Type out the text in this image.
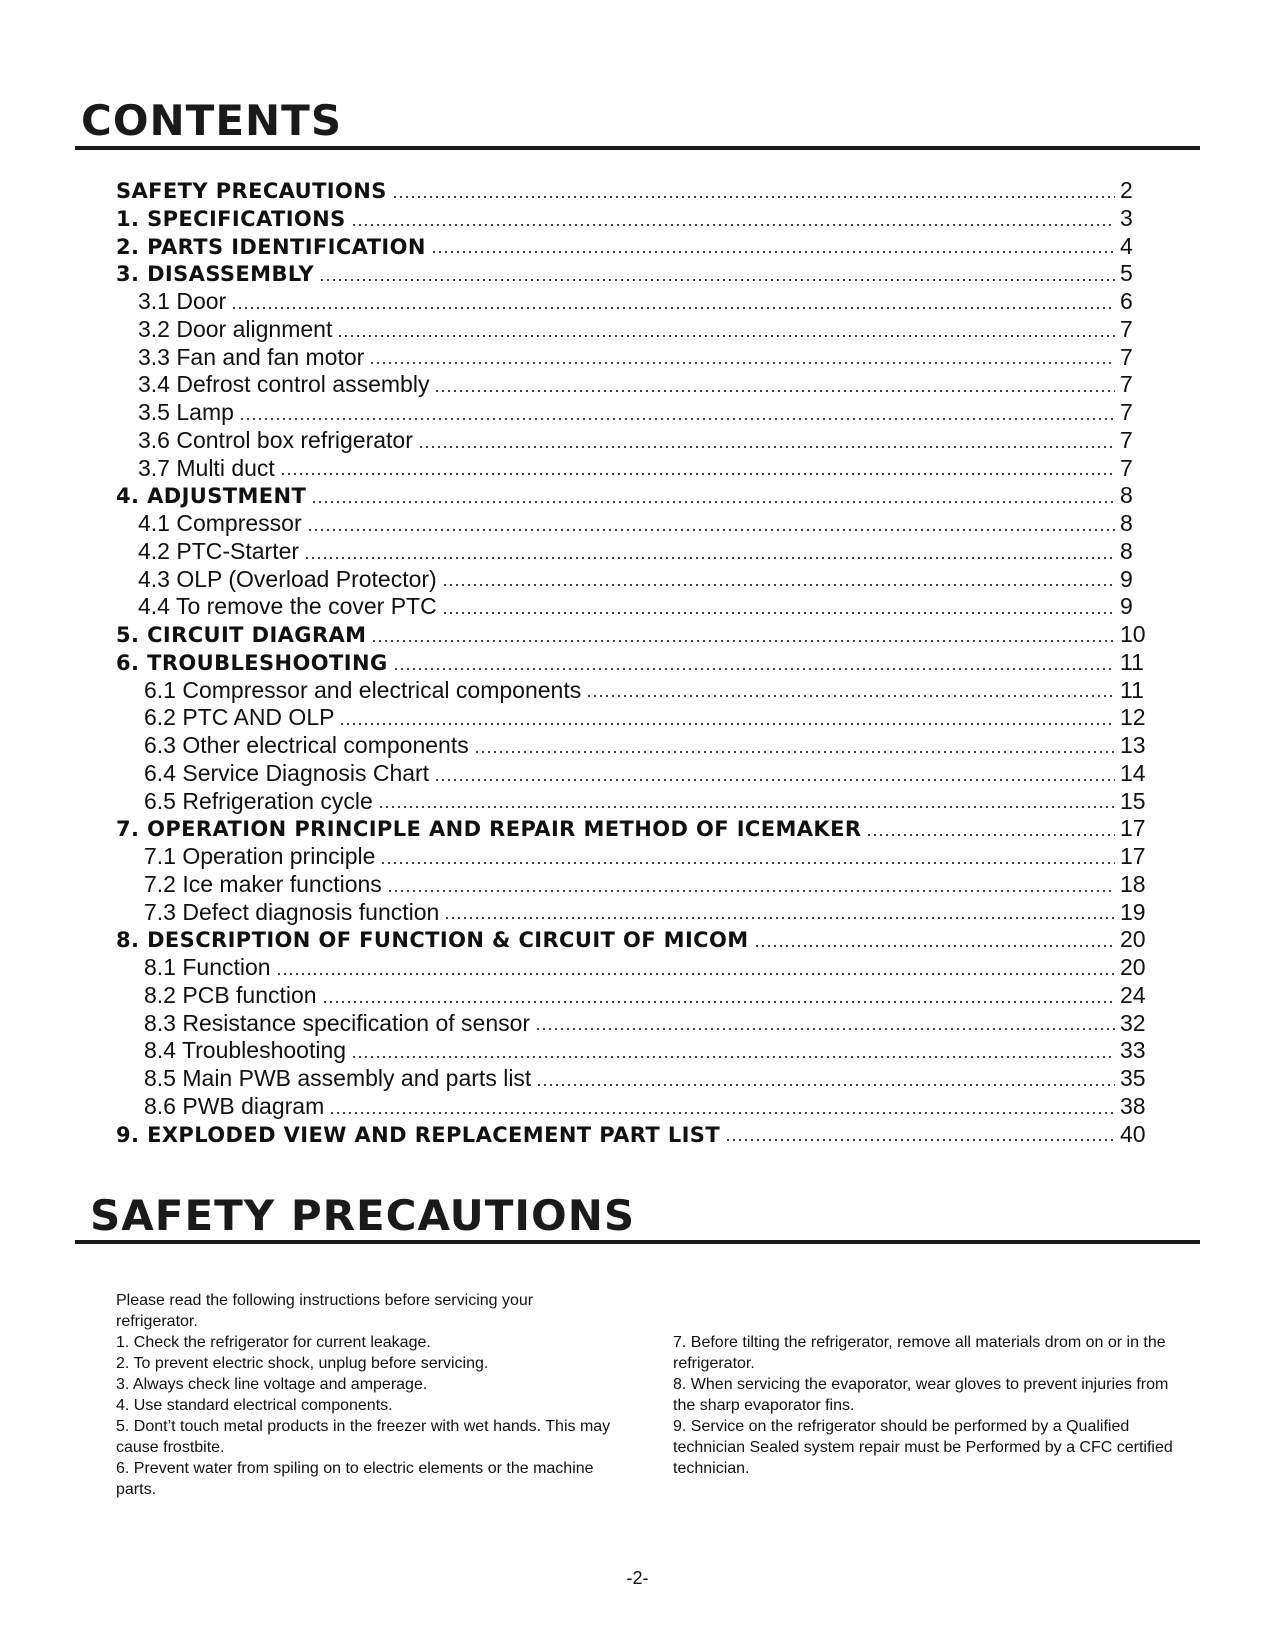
CONTENTS
SAFETY PRECAUTIONS	2
1. SPECIFICATIONS	3
2. PARTS IDENTIFICATION	4
3. DISASSEMBLY	5
3.1 Door	6
3.2 Door alignment	7
3.3 Fan and fan motor	7
3.4 Defrost control assembly	7
3.5 Lamp	7
3.6 Control box refrigerator	7
3.7 Multi duct	7
4. ADJUSTMENT	8
4.1 Compressor	8
4.2 PTC-Starter	8
4.3 OLP (Overload Protector)	9
4.4 To remove the cover PTC	9
5. CIRCUIT DIAGRAM	10
6. TROUBLESHOOTING	11
6.1 Compressor and electrical components	11
6.2 PTC AND OLP	12
6.3 Other electrical components	13
6.4 Service Diagnosis Chart	14
6.5 Refrigeration cycle	15
7. OPERATION PRINCIPLE AND REPAIR METHOD OF ICEMAKER	17
7.1 Operation principle	17
7.2 Ice maker functions	18
7.3 Defect diagnosis function	19
8. DESCRIPTION OF FUNCTION & CIRCUIT OF MICOM	20
8.1 Function	20
8.2 PCB function	24
8.3 Resistance specification of sensor	32
8.4 Troubleshooting	33
8.5 Main PWB assembly and parts list	35
8.6 PWB diagram	38
9. EXPLODED VIEW AND REPLACEMENT PART LIST	40
SAFETY PRECAUTIONS
Please read the following instructions before servicing your refrigerator.
1. Check the refrigerator for current leakage.
2. To prevent electric shock, unplug before servicing.
3. Always check line voltage and amperage.
4. Use standard electrical components.
5. Dont’t touch metal products in the freezer with wet hands. This may cause frostbite.
6. Prevent water from spiling on to electric elements or the machine parts.
7. Before tilting the refrigerator, remove all materials drom on or in the refrigerator.
8. When servicing the evaporator, wear gloves to prevent injuries from the sharp evaporator fins.
9. Service on the refrigerator should be performed by a Qualified technician Sealed system repair must be Performed by a CFC certified technician.
-2-
